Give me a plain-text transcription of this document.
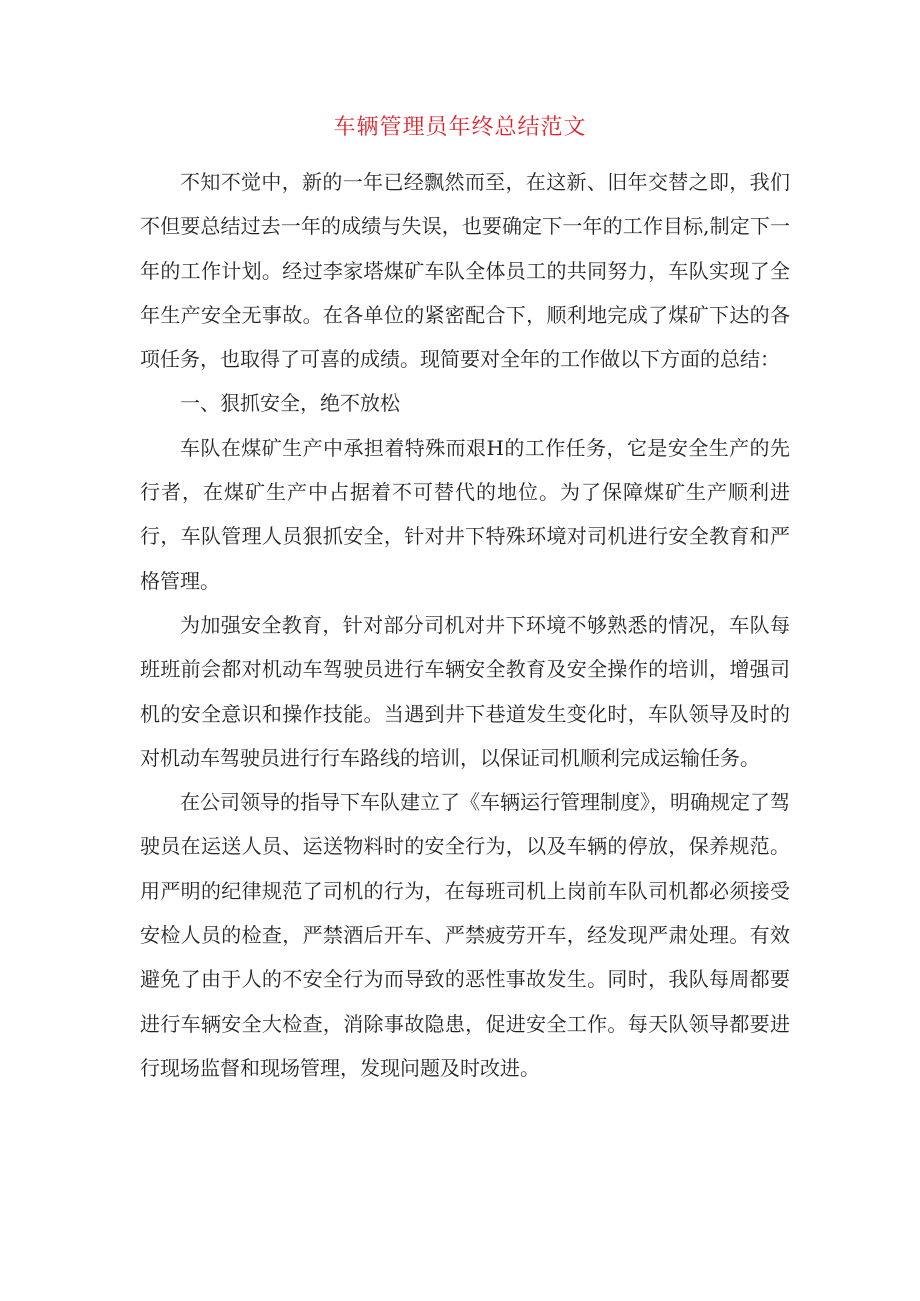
车辆管理员年终总结范文

不知不觉中，新的一年已经飘然而至，在这新、旧年交替之即，我们不但要总结过去一年的成绩与失误，也要确定下一年的工作目标,制定下一年的工作计划。经过李家塔煤矿车队全体员工的共同努力，车队实现了全年生产安全无事故。在各单位的紧密配合下，顺利地完成了煤矿下达的各项任务，也取得了可喜的成绩。现简要对全年的工作做以下方面的总结：

一、狠抓安全，绝不放松

车队在煤矿生产中承担着特殊而艰H的工作任务，它是安全生产的先行者，在煤矿生产中占据着不可替代的地位。为了保障煤矿生产顺利进行，车队管理人员狠抓安全，针对井下特殊环境对司机进行安全教育和严格管理。

为加强安全教育，针对部分司机对井下环境不够熟悉的情况，车队每班班前会都对机动车驾驶员进行车辆安全教育及安全操作的培训，增强司机的安全意识和操作技能。当遇到井下巷道发生变化时，车队领导及时的对机动车驾驶员进行行车路线的培训，以保证司机顺利完成运输任务。

在公司领导的指导下车队建立了《车辆运行管理制度》，明确规定了驾驶员在运送人员、运送物料时的安全行为，以及车辆的停放，保养规范。用严明的纪律规范了司机的行为，在每班司机上岗前车队司机都必须接受安检人员的检查，严禁酒后开车、严禁疲劳开车，经发现严肃处理。有效避免了由于人的不安全行为而导致的恶性事故发生。同时，我队每周都要进行车辆安全大检查，消除事故隐患，促进安全工作。每天队领导都要进行现场监督和现场管理，发现问题及时改进。
